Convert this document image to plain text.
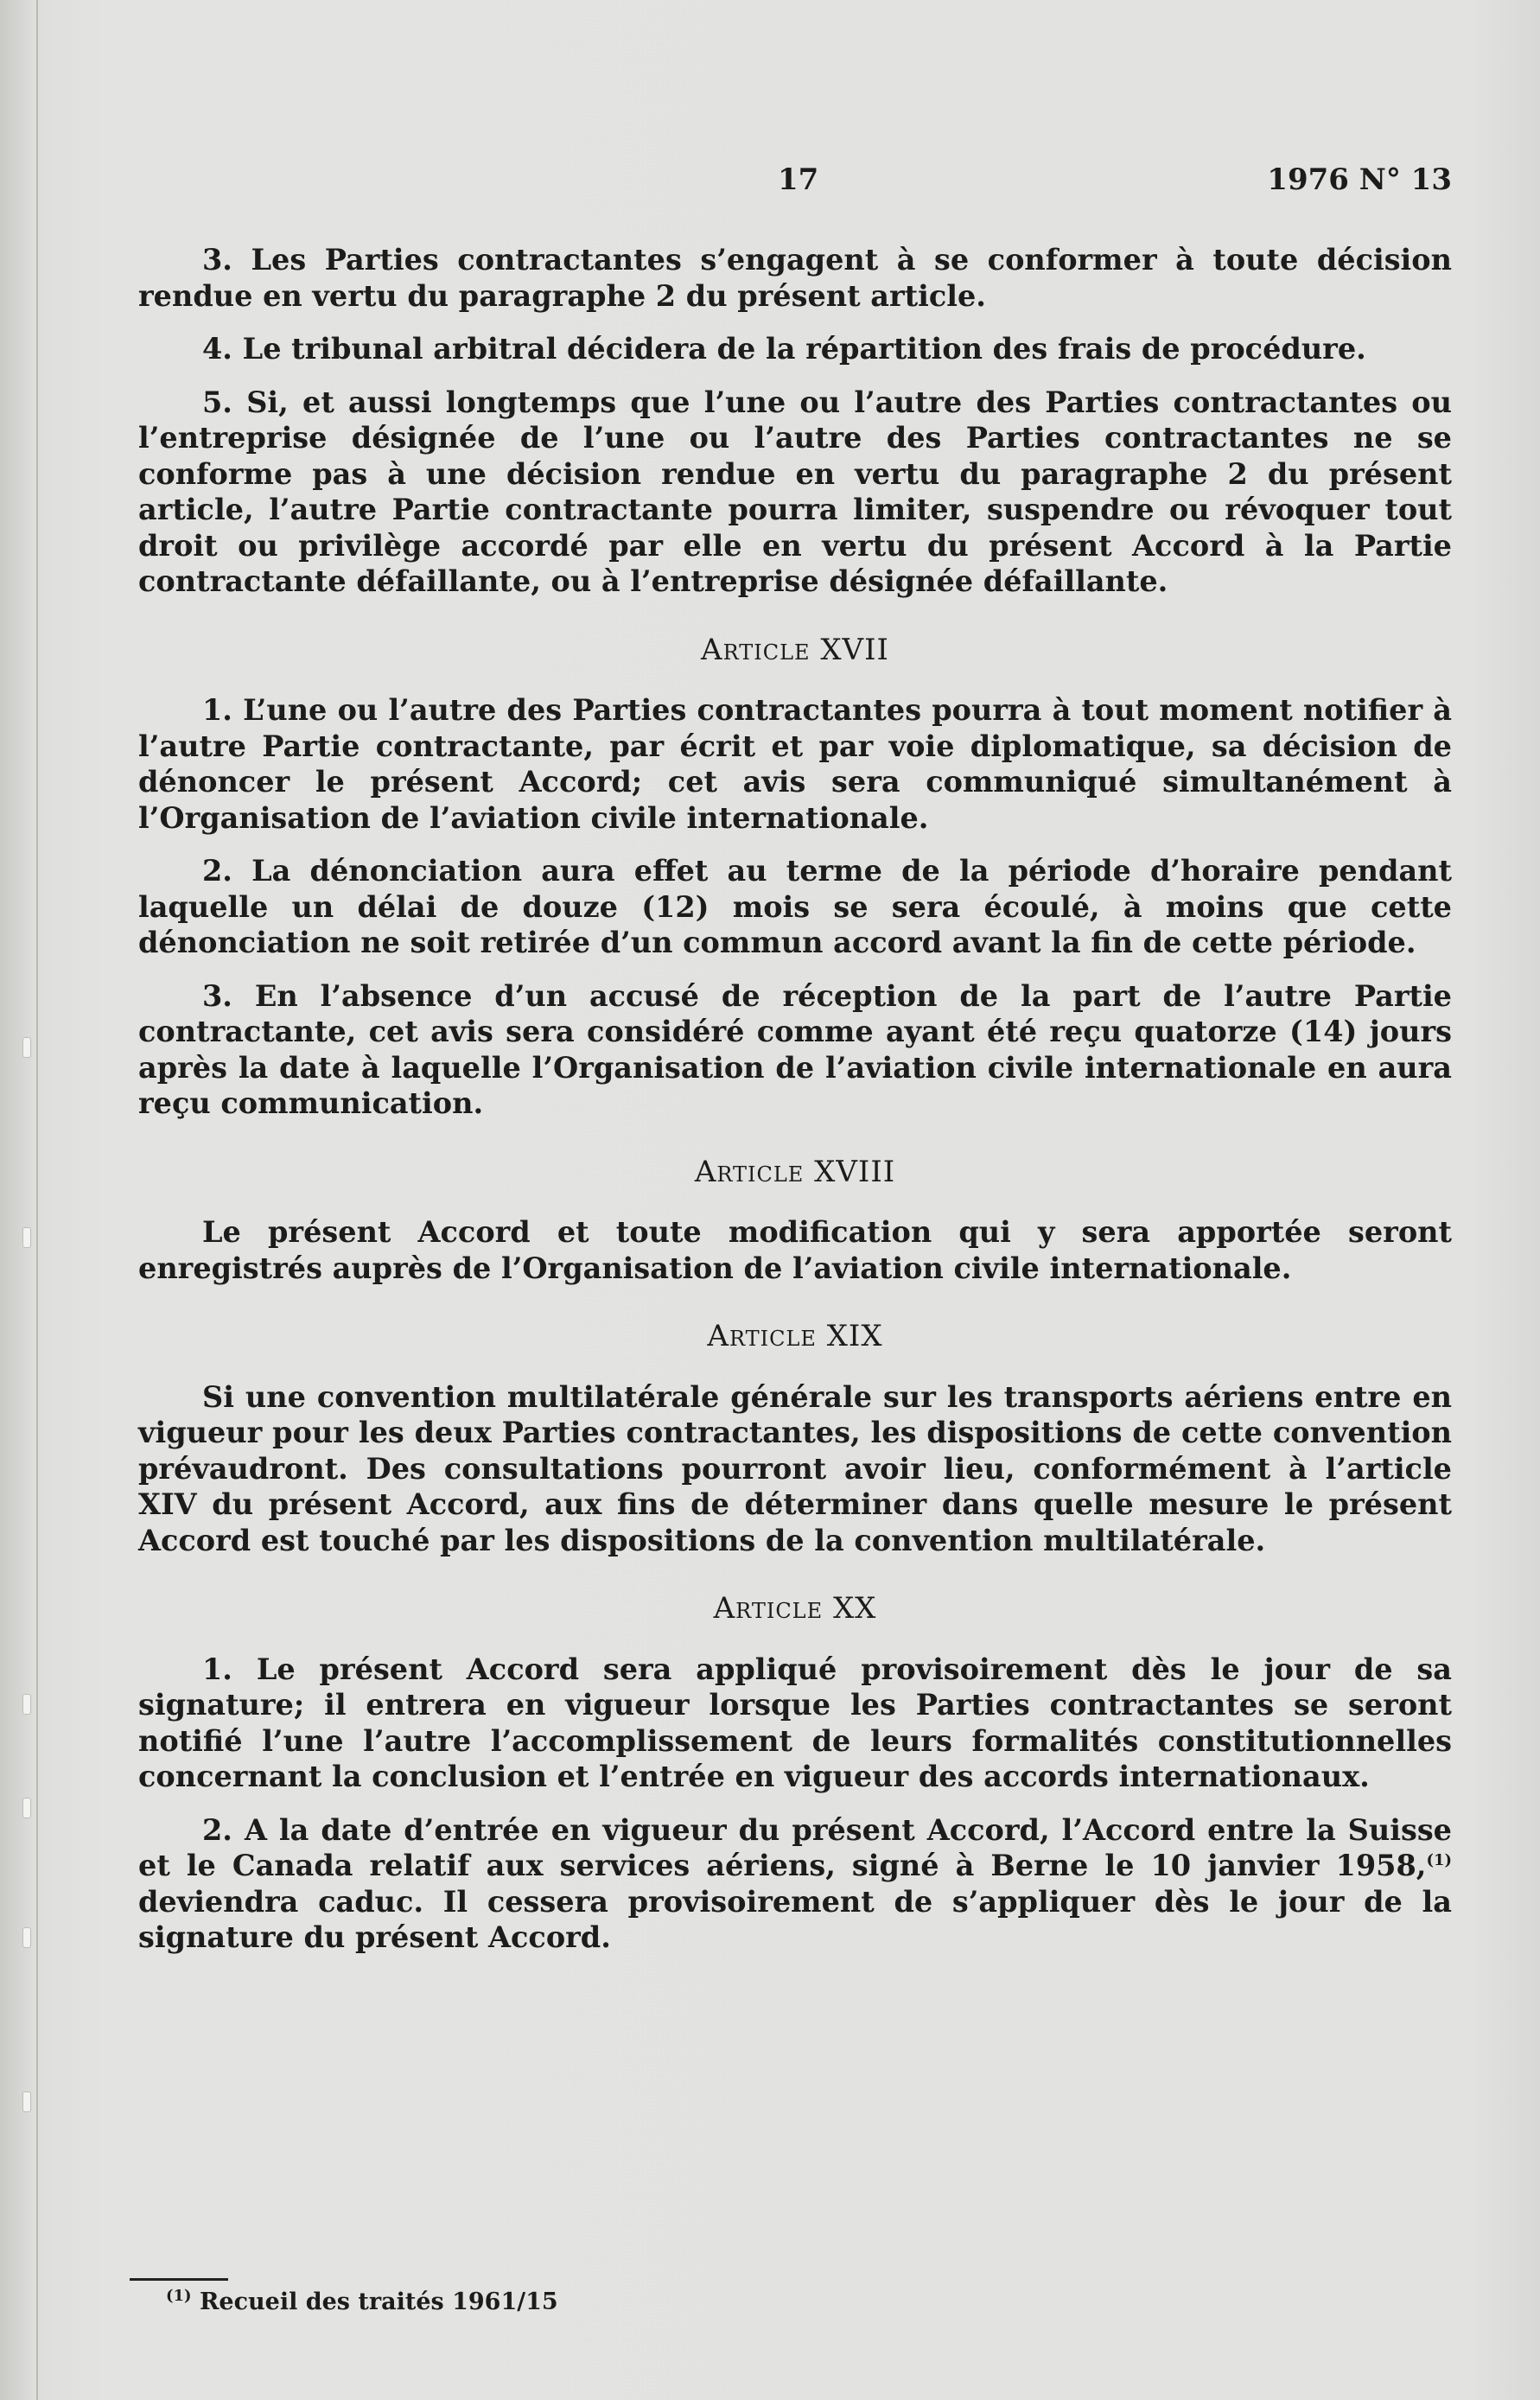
17	1976 N° 13

3. Les Parties contractantes s’engagent à se conformer à toute décision rendue en vertu du paragraphe 2 du présent article.

4. Le tribunal arbitral décidera de la répartition des frais de procédure.

5. Si, et aussi longtemps que l’une ou l’autre des Parties contractantes ou l’entreprise désignée de l’une ou l’autre des Parties contractantes ne se conforme pas à une décision rendue en vertu du paragraphe 2 du présent article, l’autre Partie contractante pourra limiter, suspendre ou révoquer tout droit ou privilège accordé par elle en vertu du présent Accord à la Partie contractante défaillante, ou à l’entreprise désignée défaillante.

Article XVII

1. L’une ou l’autre des Parties contractantes pourra à tout moment notifier à l’autre Partie contractante, par écrit et par voie diplomatique, sa décision de dénoncer le présent Accord; cet avis sera communiqué simultanément à l’Organisation de l’aviation civile internationale.

2. La dénonciation aura effet au terme de la période d’horaire pendant laquelle un délai de douze (12) mois se sera écoulé, à moins que cette dénonciation ne soit retirée d’un commun accord avant la fin de cette période.

3. En l’absence d’un accusé de réception de la part de l’autre Partie contractante, cet avis sera considéré comme ayant été reçu quatorze (14) jours après la date à laquelle l’Organisation de l’aviation civile internationale en aura reçu communication.

Article XVIII

Le présent Accord et toute modification qui y sera apportée seront enregistrés auprès de l’Organisation de l’aviation civile internationale.

Article XIX

Si une convention multilatérale générale sur les transports aériens entre en vigueur pour les deux Parties contractantes, les dispositions de cette convention prévaudront. Des consultations pourront avoir lieu, conformément à l’article XIV du présent Accord, aux fins de déterminer dans quelle mesure le présent Accord est touché par les dispositions de la convention multilatérale.

Article XX

1. Le présent Accord sera appliqué provisoirement dès le jour de sa signature; il entrera en vigueur lorsque les Parties contractantes se seront notifié l’une l’autre l’accomplissement de leurs formalités constitutionnelles concernant la conclusion et l’entrée en vigueur des accords internationaux.

2. A la date d’entrée en vigueur du présent Accord, l’Accord entre la Suisse et le Canada relatif aux services aériens, signé à Berne le 10 janvier 1958,$^{(1)}$ deviendra caduc. Il cessera provisoirement de s’appliquer dès le jour de la signature du présent Accord.

$^{(1)}$ Recueil des traités 1961/15
